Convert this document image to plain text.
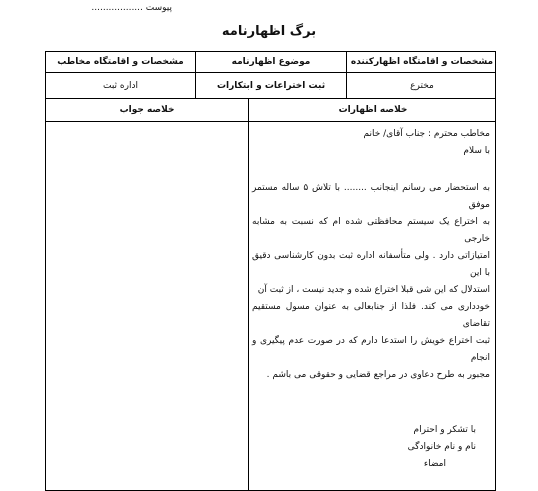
پیوست ..................
برگ اظهارنامه
مشخصات و اقامتگاه اظهارکننده
موضوع اظهارنامه
مشخصات و اقامتگاه مخاطب
مخترع
ثبت اختراعات و ابتکارات
اداره ثبت
خلاصه اظهارات
خلاصه جواب

مخاطب محترم : جناب آقای/ خانم

با سلام

به استحضار می رسانم اینجانب ........ با تلاش ۵ ساله مستمر موفق

به اختراع یک سیستم محافظتی شده ام که نسبت به مشابه خارجی

امتیازاتی دارد . ولی متأسفانه اداره ثبت بدون کارشناسی دقیق با این

استدلال که این شی قبلا اختراع شده و جدید نیست ، از ثبت آن

خودداری می کند. فلذا از جنابعالی به عنوان مسول مستقیم تقاضای

ثبت اختراع خویش را استدعا دارم که در صورت عدم پیگیری و انجام

مجبور به طرح دعاوی در مراجع قضایی و حقوقی می باشم .

با تشکر و احترام

نام و نام خانوادگی

امضاء
